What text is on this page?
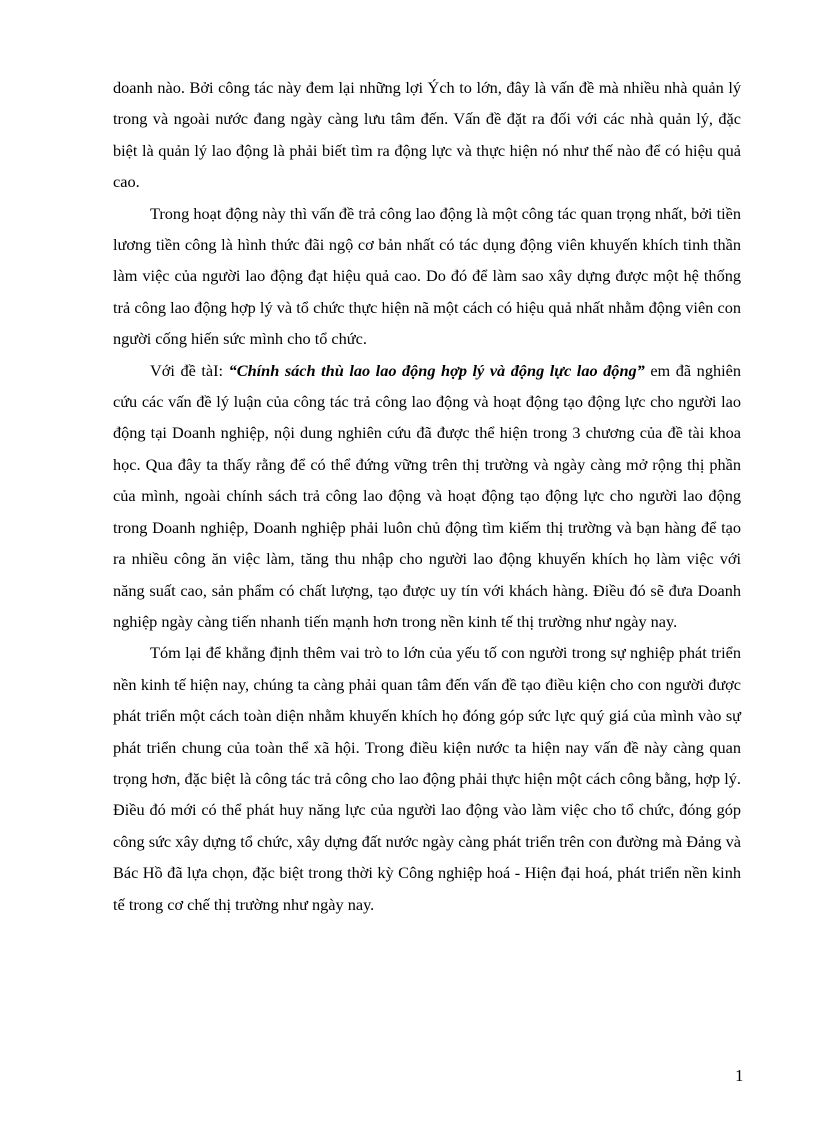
doanh nào. Bởi công tác này đem lại những lợi Ých to lớn, đây là vấn đề mà nhiều nhà quản lý trong và ngoài nước đang ngày càng lưu tâm đến. Vấn đề đặt ra đối với các nhà quản lý, đặc biệt là quản lý lao động là phải biết tìm ra động lực và thực hiện nó như thế nào để có hiệu quả cao.

Trong hoạt động này thì vấn đề trả công lao động là một công tác quan trọng nhất, bởi tiền lương tiền công là hình thức đãi ngộ cơ bản nhất có tác dụng động viên khuyến khích tinh thần làm việc của người lao động đạt hiệu quả cao. Do đó để làm sao xây dựng được một hệ thống trả công lao động hợp lý và tổ chức thực hiện nã một cách có hiệu quả nhất nhằm động viên con người cống hiến sức mình cho tổ chức.

Với đề tàI: “Chính sách thù lao lao động hợp lý và động lực lao động” em đã nghiên cứu các vấn đề lý luận của công tác trả công lao động và hoạt động tạo động lực cho người lao động tại Doanh nghiệp, nội dung nghiên cứu đã được thể hiện trong 3 chương của đề tài khoa học. Qua đây ta thấy rằng để có thể đứng vững trên thị trường và ngày càng mở rộng thị phần của mình, ngoài chính sách trả công lao động và hoạt động tạo động lực cho người lao động trong Doanh nghiệp, Doanh nghiệp phải luôn chủ động tìm kiếm thị trường và bạn hàng để tạo ra nhiều công ăn việc làm, tăng thu nhập cho người lao động khuyến khích họ làm việc với năng suất cao, sản phẩm có chất lượng, tạo được uy tín với khách hàng. Điều đó sẽ đưa Doanh nghiệp ngày càng tiến nhanh tiến mạnh hơn trong nền kinh tế thị trường như ngày nay.

Tóm lại để khẳng định thêm vai trò to lớn của yếu tố con người trong sự nghiệp phát triển nền kinh tế hiện nay, chúng ta càng phải quan tâm đến vấn đề tạo điều kiện cho con người được phát triển một cách toàn diện nhằm khuyến khích họ đóng góp sức lực quý giá của mình vào sự phát triển chung của toàn thể xã hội. Trong điều kiện nước ta hiện nay vấn đề này càng quan trọng hơn, đặc biệt là công tác trả công cho lao động phải thực hiện một cách công bằng, hợp lý. Điều đó mới có thể phát huy năng lực của người lao động vào làm việc cho tổ chức, đóng góp công sức xây dựng tổ chức, xây dựng đất nước ngày càng phát triển trên con đường mà Đảng và Bác Hồ đã lựa chọn, đặc biệt trong thời kỳ Công nghiệp hoá - Hiện đại hoá, phát triển nền kinh tế trong cơ chế thị trường như ngày nay.

1
